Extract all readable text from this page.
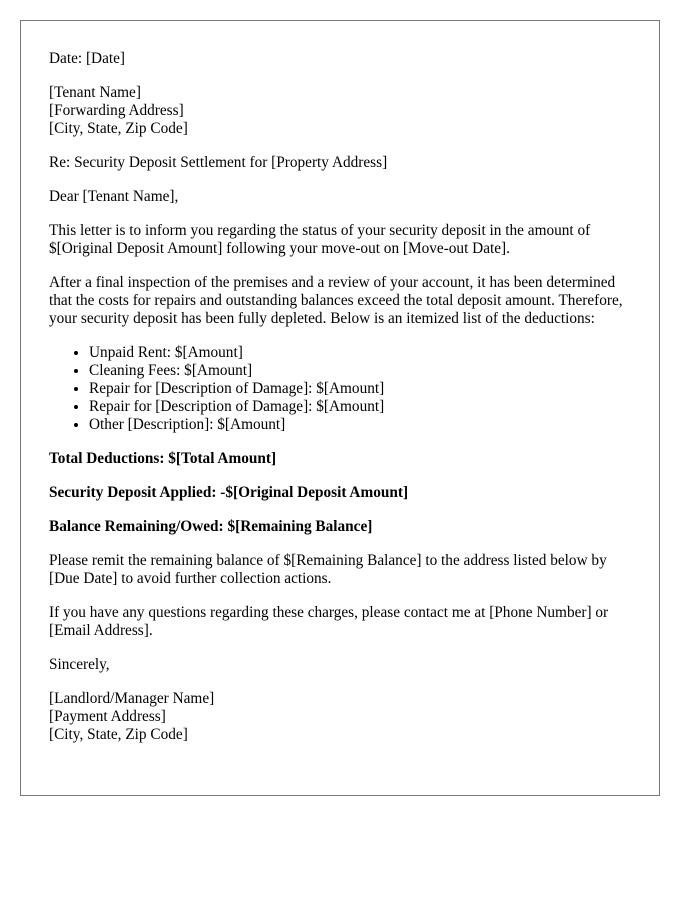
Date: [Date]

[Tenant Name]
[Forwarding Address]
[City, State, Zip Code]

Re: Security Deposit Settlement for [Property Address]

Dear [Tenant Name],

This letter is to inform you regarding the status of your security deposit in the amount of $[Original Deposit Amount] following your move-out on [Move-out Date].

After a final inspection of the premises and a review of your account, it has been determined that the costs for repairs and outstanding balances exceed the total deposit amount. Therefore, your security deposit has been fully depleted. Below is an itemized list of the deductions:

• Unpaid Rent: $[Amount]
• Cleaning Fees: $[Amount]
• Repair for [Description of Damage]: $[Amount]
• Repair for [Description of Damage]: $[Amount]
• Other [Description]: $[Amount]

Total Deductions: $[Total Amount]

Security Deposit Applied: -$[Original Deposit Amount]

Balance Remaining/Owed: $[Remaining Balance]

Please remit the remaining balance of $[Remaining Balance] to the address listed below by [Due Date] to avoid further collection actions.

If you have any questions regarding these charges, please contact me at [Phone Number] or [Email Address].

Sincerely,

[Landlord/Manager Name]
[Payment Address]
[City, State, Zip Code]
